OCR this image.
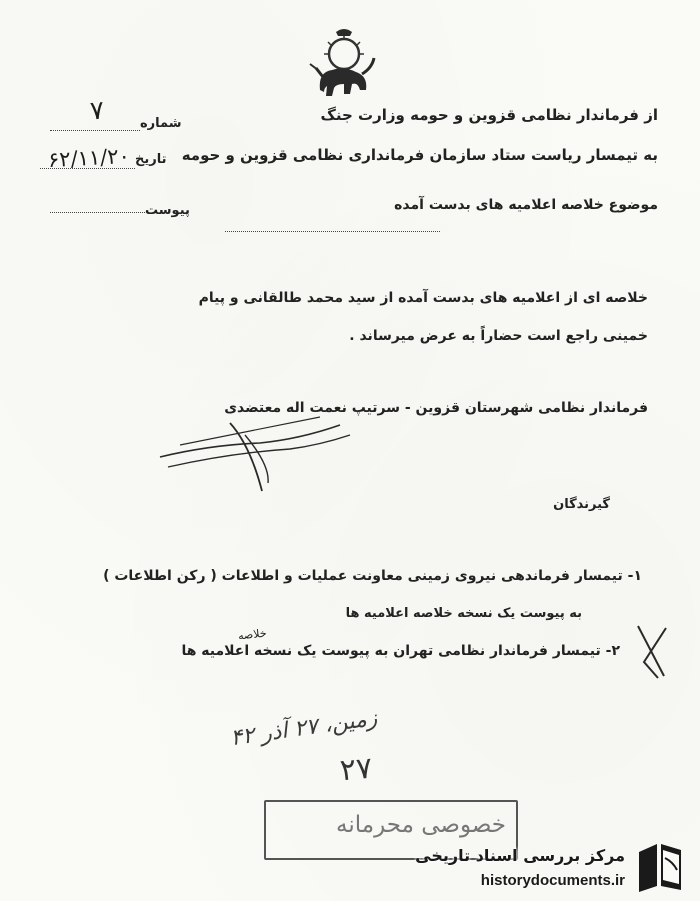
از فرماندار نظامی قزوین و حومه وزارت جنگ
به تیمسار ریاست ستاد سازمان فرمانداری نظامی قزوین و حومه
موضوع خلاصه اعلامیه های بدست آمده
شماره
۷
تاریخ
۶۲/۱۱/۲۰
پیوست
خلاصه ای از اعلامیه های بدست آمده از سید محمد طالقانی و پیام
خمینی راجع است حضاراً به عرض میرساند .
فرماندار نظامی شهرستان قزوین - سرتیپ نعمت اله معتضدی
گیرندگان
۱- تیمسار فرماندهی نیروی زمینی معاونت عملیات و اطلاعات ( رکن اطلاعات )
به پیوست یک نسخه خلاصه اعلامیه ها
خلاصه
۲- تیمسار فرماندار نظامی تهران به پیوست یک نسخه اعلامیه ها
زمین، ۲۷ آذر ۴۲
۲۷
خصوصی محرمانه
مرکز بررسی اسناد تاریخی
historydocuments.ir
